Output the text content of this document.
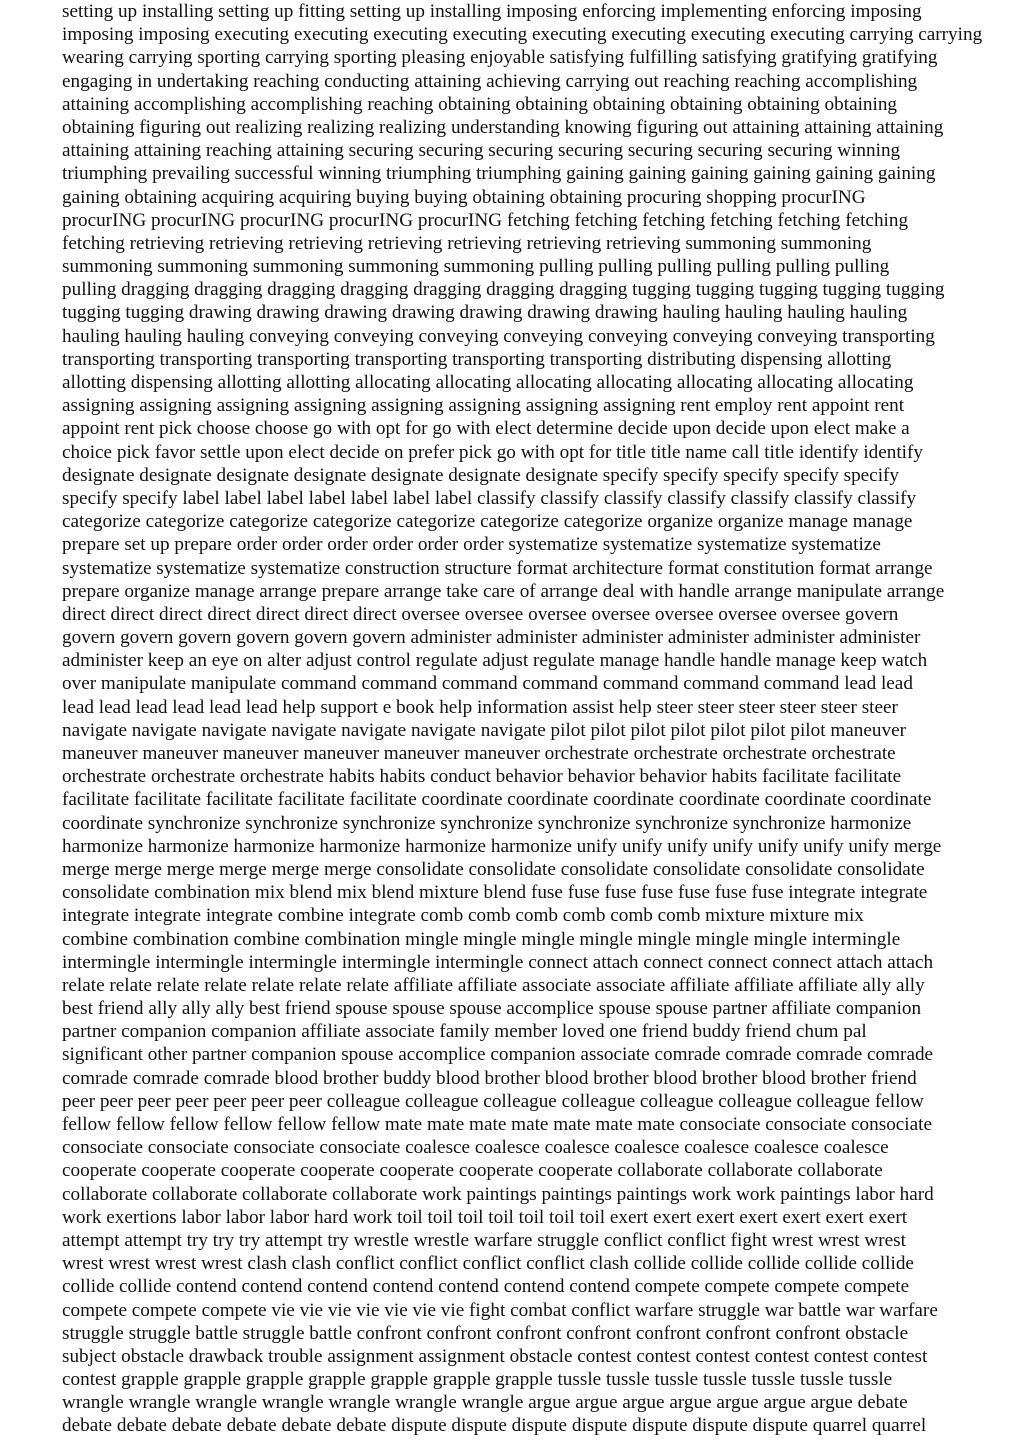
setting up installing setting up fitting setting up installing imposing enforcing implementing enforcing imposing
imposing imposing executing executing executing executing executing executing executing executing carrying carrying
wearing carrying sporting carrying sporting pleasing enjoyable satisfying fulfilling satisfying gratifying gratifying
engaging in undertaking reaching conducting attaining achieving carrying out reaching reaching accomplishing
attaining accomplishing accomplishing reaching obtaining obtaining obtaining obtaining obtaining obtaining
obtaining figuring out realizing realizing realizing understanding knowing figuring out attaining attaining attaining
attaining attaining reaching attaining securing securing securing securing securing securing securing winning
triumphing prevailing successful winning triumphing triumphing gaining gaining gaining gaining gaining gaining
gaining obtaining acquiring acquiring buying buying obtaining obtaining procuring shopping procurING
procurING procurING procurING procurING procurING fetching fetching fetching fetching fetching fetching
fetching retrieving retrieving retrieving retrieving retrieving retrieving retrieving summoning summoning
summoning summoning summoning summoning summoning pulling pulling pulling pulling pulling pulling
pulling dragging dragging dragging dragging dragging dragging dragging tugging tugging tugging tugging tugging
tugging tugging drawing drawing drawing drawing drawing drawing drawing hauling hauling hauling hauling
hauling hauling hauling conveying conveying conveying conveying conveying conveying conveying transporting
transporting transporting transporting transporting transporting transporting distributing dispensing allotting
allotting dispensing allotting allotting allocating allocating allocating allocating allocating allocating allocating
assigning assigning assigning assigning assigning assigning assigning assigning rent employ rent appoint rent
appoint rent pick choose choose go with opt for go with elect determine decide upon decide upon elect make a
choice pick favor settle upon elect decide on prefer pick go with opt for title title name call title identify identify
designate designate designate designate designate designate designate specify specify specify specify specify
specify specify label label label label label label label classify classify classify classify classify classify classify
categorize categorize categorize categorize categorize categorize categorize organize organize manage manage
prepare set up prepare order order order order order order systematize systematize systematize systematize
systematize systematize systematize construction structure format architecture format constitution format arrange
prepare organize manage arrange prepare arrange take care of arrange deal with handle arrange manipulate arrange
direct direct direct direct direct direct direct oversee oversee oversee oversee oversee oversee oversee govern
govern govern govern govern govern govern administer administer administer administer administer administer
administer keep an eye on alter adjust control regulate adjust regulate manage handle handle manage keep watch
over manipulate manipulate command command command command command command command lead lead
lead lead lead lead lead lead help support e book help information assist help steer steer steer steer steer steer
navigate navigate navigate navigate navigate navigate navigate pilot pilot pilot pilot pilot pilot pilot maneuver
maneuver maneuver maneuver maneuver maneuver maneuver orchestrate orchestrate orchestrate orchestrate
orchestrate orchestrate orchestrate habits habits conduct behavior behavior behavior habits facilitate facilitate
facilitate facilitate facilitate facilitate facilitate coordinate coordinate coordinate coordinate coordinate coordinate
coordinate synchronize synchronize synchronize synchronize synchronize synchronize synchronize harmonize
harmonize harmonize harmonize harmonize harmonize harmonize unify unify unify unify unify unify unify merge
merge merge merge merge merge merge consolidate consolidate consolidate consolidate consolidate consolidate
consolidate combination mix blend mix blend mixture blend fuse fuse fuse fuse fuse fuse fuse integrate integrate
integrate integrate integrate combine integrate comb comb comb comb comb comb mixture mixture mix
combine combination combine combination mingle mingle mingle mingle mingle mingle mingle intermingle
intermingle intermingle intermingle intermingle intermingle connect attach connect connect connect attach attach
relate relate relate relate relate relate relate affiliate affiliate associate associate affiliate affiliate affiliate ally ally
best friend ally ally ally best friend spouse spouse spouse accomplice spouse spouse partner affiliate companion
partner companion companion affiliate associate family member loved one friend buddy friend chum pal
significant other partner companion spouse accomplice companion associate comrade comrade comrade comrade
comrade comrade comrade blood brother buddy blood brother blood brother blood brother blood brother friend
peer peer peer peer peer peer peer colleague colleague colleague colleague colleague colleague colleague fellow
fellow fellow fellow fellow fellow fellow mate mate mate mate mate mate mate consociate consociate consociate
consociate consociate consociate consociate coalesce coalesce coalesce coalesce coalesce coalesce coalesce
cooperate cooperate cooperate cooperate cooperate cooperate cooperate collaborate collaborate collaborate
collaborate collaborate collaborate collaborate work paintings paintings paintings work work paintings labor hard
work exertions labor labor labor hard work toil toil toil toil toil toil toil exert exert exert exert exert exert exert
attempt attempt try try try attempt try wrestle wrestle warfare struggle conflict conflict fight wrest wrest wrest
wrest wrest wrest wrest clash clash conflict conflict conflict conflict clash collide collide collide collide collide
collide collide contend contend contend contend contend contend contend compete compete compete compete
compete compete compete vie vie vie vie vie vie vie fight combat conflict warfare struggle war battle war warfare
struggle struggle battle struggle battle confront confront confront confront confront confront confront obstacle
subject obstacle drawback trouble assignment assignment obstacle contest contest contest contest contest contest
contest grapple grapple grapple grapple grapple grapple grapple tussle tussle tussle tussle tussle tussle tussle
wrangle wrangle wrangle wrangle wrangle wrangle wrangle argue argue argue argue argue argue argue debate
debate debate debate debate debate debate dispute dispute dispute dispute dispute dispute dispute quarrel quarrel
